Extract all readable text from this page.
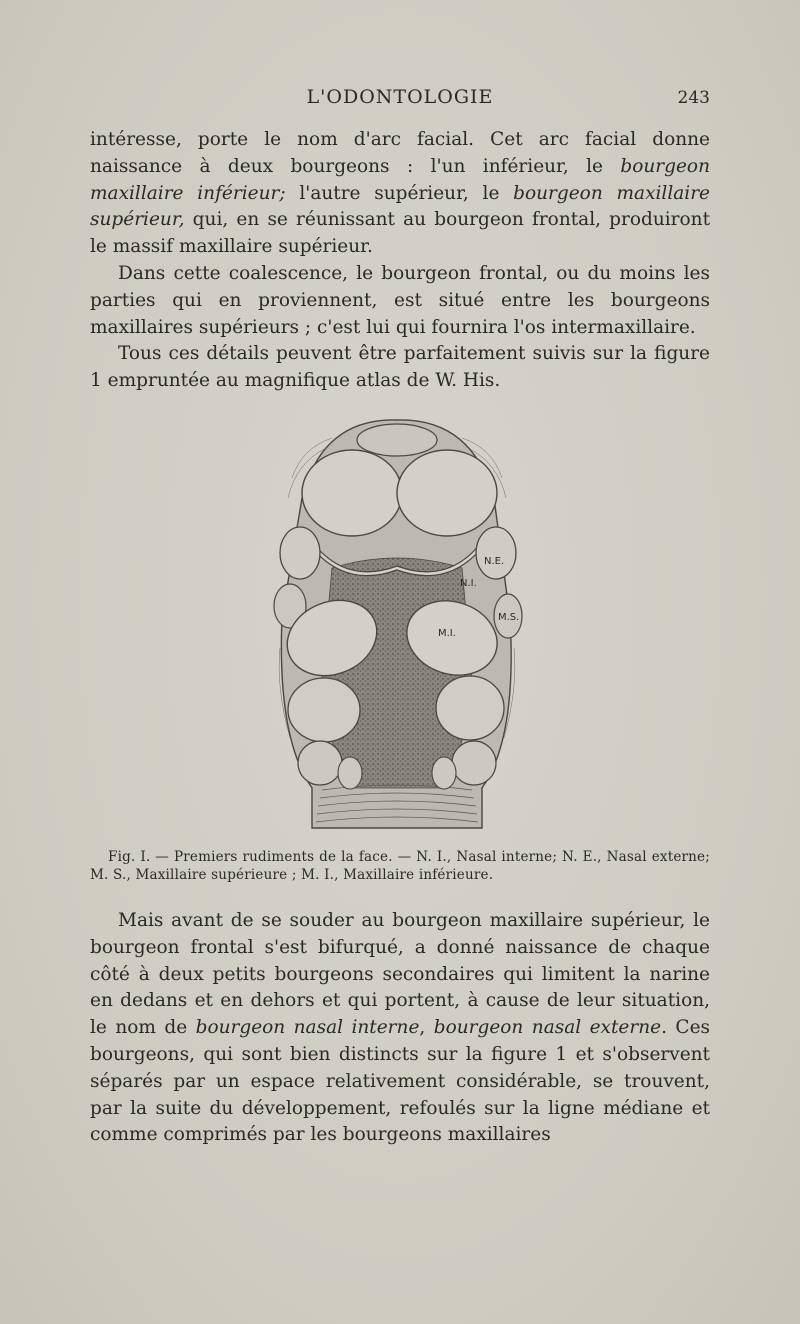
L'ODONTOLOGIE	243

intéresse, porte le nom d'arc facial. Cet arc facial donne naissance à deux bourgeons : l'un inférieur, le bourgeon maxillaire inférieur; l'autre supérieur, le bourgeon maxillaire supérieur, qui, en se réunissant au bourgeon frontal, produiront le massif maxillaire supérieur.

Dans cette coalescence, le bourgeon frontal, ou du moins les parties qui en proviennent, est situé entre les bourgeons maxillaires supérieurs ; c'est lui qui fournira l'os intermaxillaire.

Tous ces détails peuvent être parfaitement suivis sur la figure 1 empruntée au magnifique atlas de W. His.

N.E.
N.I.
M.S.
M.I.

Fig. I. — Premiers rudiments de la face. — N. I., Nasal interne; N. E., Nasal externe; M. S., Maxillaire supérieure ; M. I., Maxillaire inférieure.

Mais avant de se souder au bourgeon maxillaire supérieur, le bourgeon frontal s'est bifurqué, a donné naissance de chaque côté à deux petits bourgeons secondaires qui limitent la narine en dedans et en dehors et qui portent, à cause de leur situation, le nom de bourgeon nasal interne, bourgeon nasal externe. Ces bourgeons, qui sont bien distincts sur la figure 1 et s'observent séparés par un espace relativement considérable, se trouvent, par la suite du développement, refoulés sur la ligne médiane et comme comprimés par les bourgeons maxillaires
